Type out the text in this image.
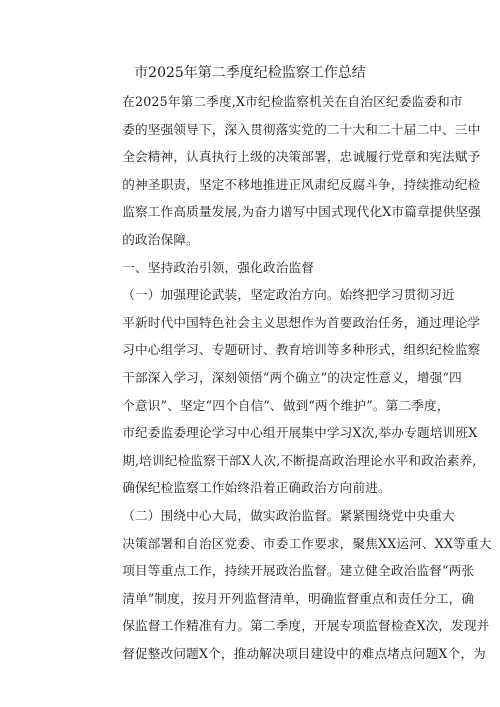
市2025年第二季度纪检监察工作总结
在2025年第二季度,X市纪检监察机关在自治区纪委监委和市
委的坚强领导下，深入贯彻落实党的二十大和二十届二中、三中
全会精神，认真执行上级的决策部署，忠诚履行党章和宪法赋予
的神圣职责，坚定不移地推进正风肃纪反腐斗争，持续推动纪检
监察工作高质量发展,为奋力谱写中国式现代化X市篇章提供坚强
的政治保障。
一、坚持政治引领，强化政治监督
（一）加强理论武装，坚定政治方向。始终把学习贯彻习近
平新时代中国特色社会主义思想作为首要政治任务，通过理论学
习中心组学习、专题研讨、教育培训等多种形式，组织纪检监察
干部深入学习，深刻领悟“两个确立”的决定性意义，增强“四
个意识”、坚定“四个自信”、做到“两个维护”。第二季度，
市纪委监委理论学习中心组开展集中学习X次,举办专题培训班X
期,培训纪检监察干部X人次,不断提高政治理论水平和政治素养,
确保纪检监察工作始终沿着正确政治方向前进。
（二）围绕中心大局，做实政治监督。紧紧围绕党中央重大
决策部署和自治区党委、市委工作要求，聚焦XX运河、XX等重大
项目等重点工作，持续开展政治监督。建立健全政治监督“两张
清单”制度，按月开列监督清单，明确监督重点和责任分工，确
保监督工作精准有力。第二季度，开展专项监督检查X次，发现并
督促整改问题X个，推动解决项目建设中的难点堵点问题X个，为
